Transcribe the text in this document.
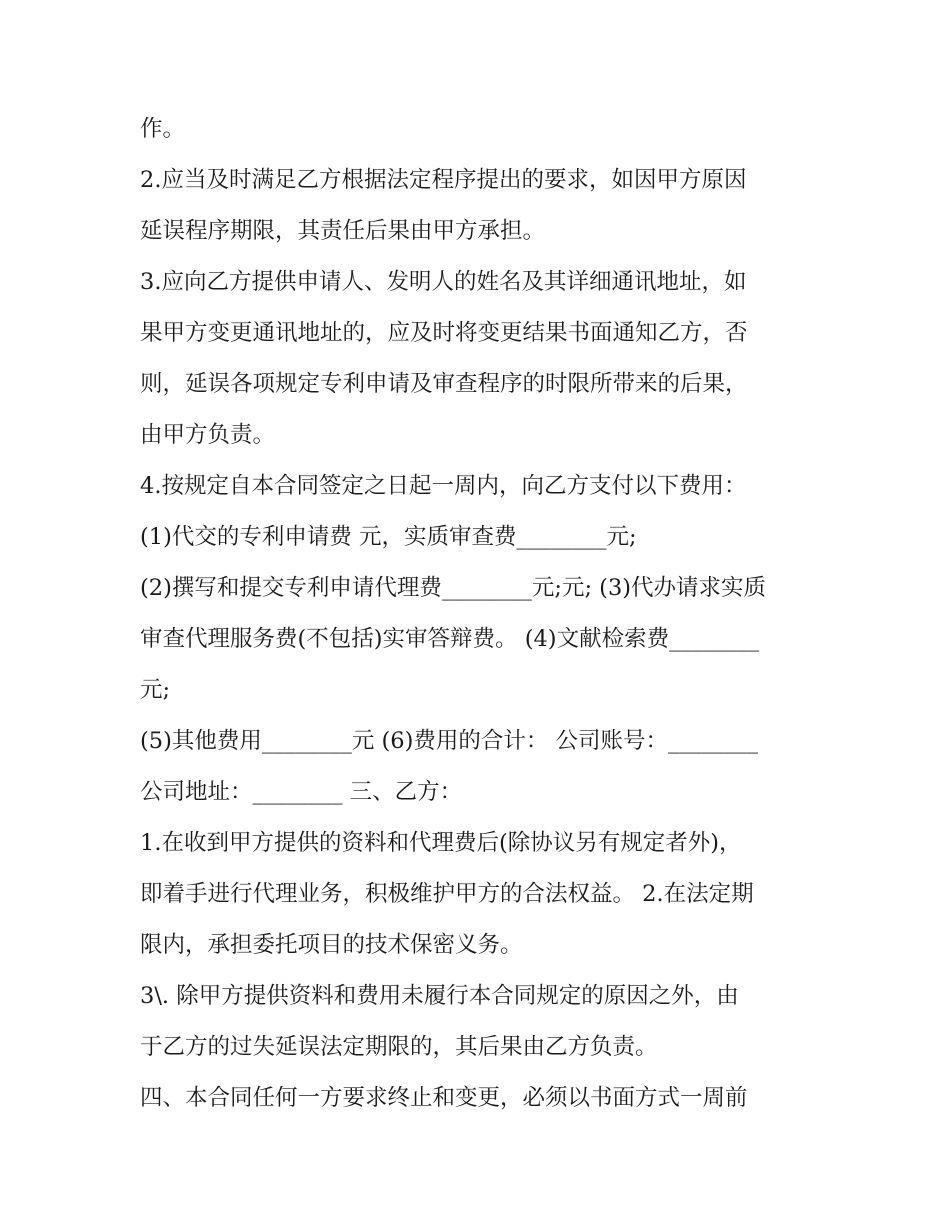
作。
2.应当及时满足乙方根据法定程序提出的要求，如因甲方原因
延误程序期限，其责任后果由甲方承担。
3.应向乙方提供申请人、发明人的姓名及其详细通讯地址，如
果甲方变更通讯地址的，应及时将变更结果书面通知乙方，否
则，延误各项规定专利申请及审查程序的时限所带来的后果，
由甲方负责。
4.按规定自本合同签定之日起一周内，向乙方支付以下费用：
(1)代交的专利申请费 元，实质审查费________元;
(2)撰写和提交专利申请代理费________元;元; (3)代办请求实质
审查代理服务费(不包括)实审答辩费。 (4)文献检索费________
元;
(5)其他费用________元 (6)费用的合计： 公司账号：________
公司地址：________ 三、乙方：
1.在收到甲方提供的资料和代理费后(除协议另有规定者外)，
即着手进行代理业务，积极维护甲方的合法权益。 2.在法定期
限内，承担委托项目的技术保密义务。
3\. 除甲方提供资料和费用未履行本合同规定的原因之外，由
于乙方的过失延误法定期限的，其后果由乙方负责。
四、本合同任何一方要求终止和变更，必须以书面方式一周前
